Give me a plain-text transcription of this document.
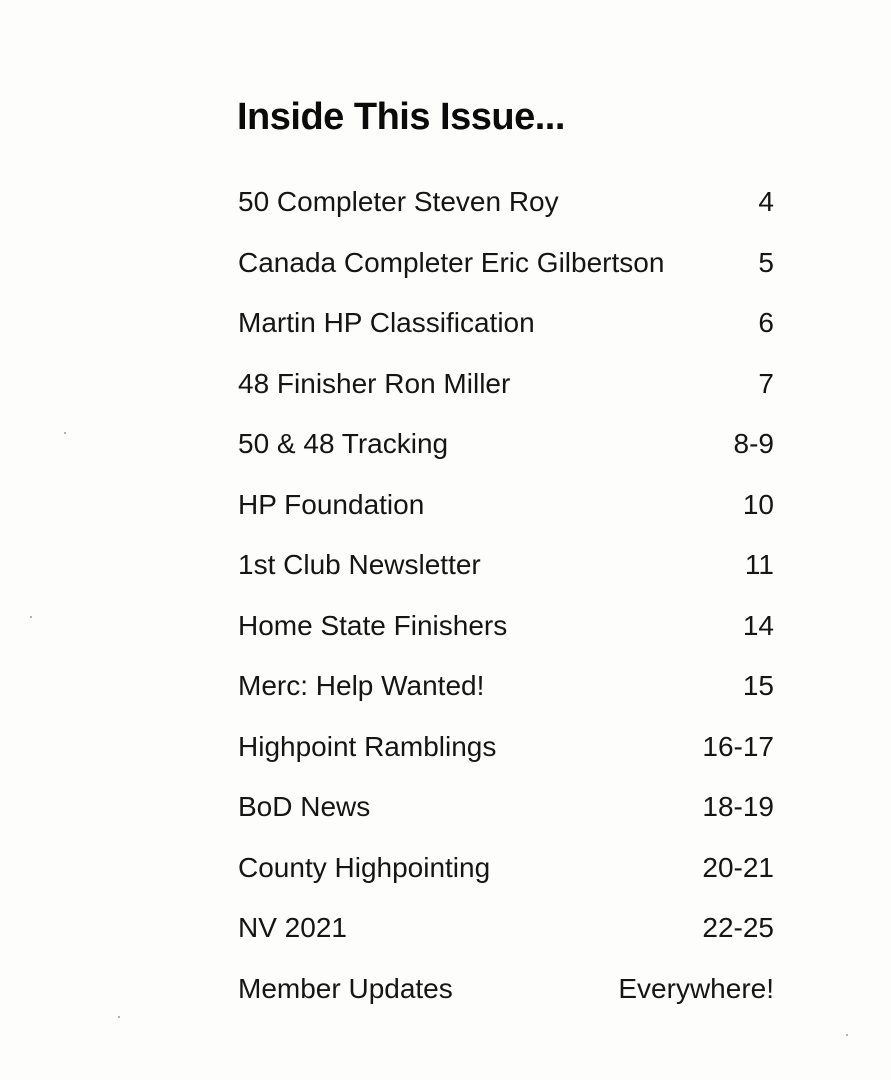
Inside This Issue...
50 Completer Steven Roy	4
Canada Completer Eric Gilbertson	5
Martin HP Classification	6
48 Finisher Ron Miller	7
50 & 48 Tracking	8-9
HP Foundation	10
1st Club Newsletter	11
Home State Finishers	14
Merc: Help Wanted!	15
Highpoint Ramblings	16-17
BoD News	18-19
County Highpointing	20-21
NV 2021	22-25
Member Updates	Everywhere!
